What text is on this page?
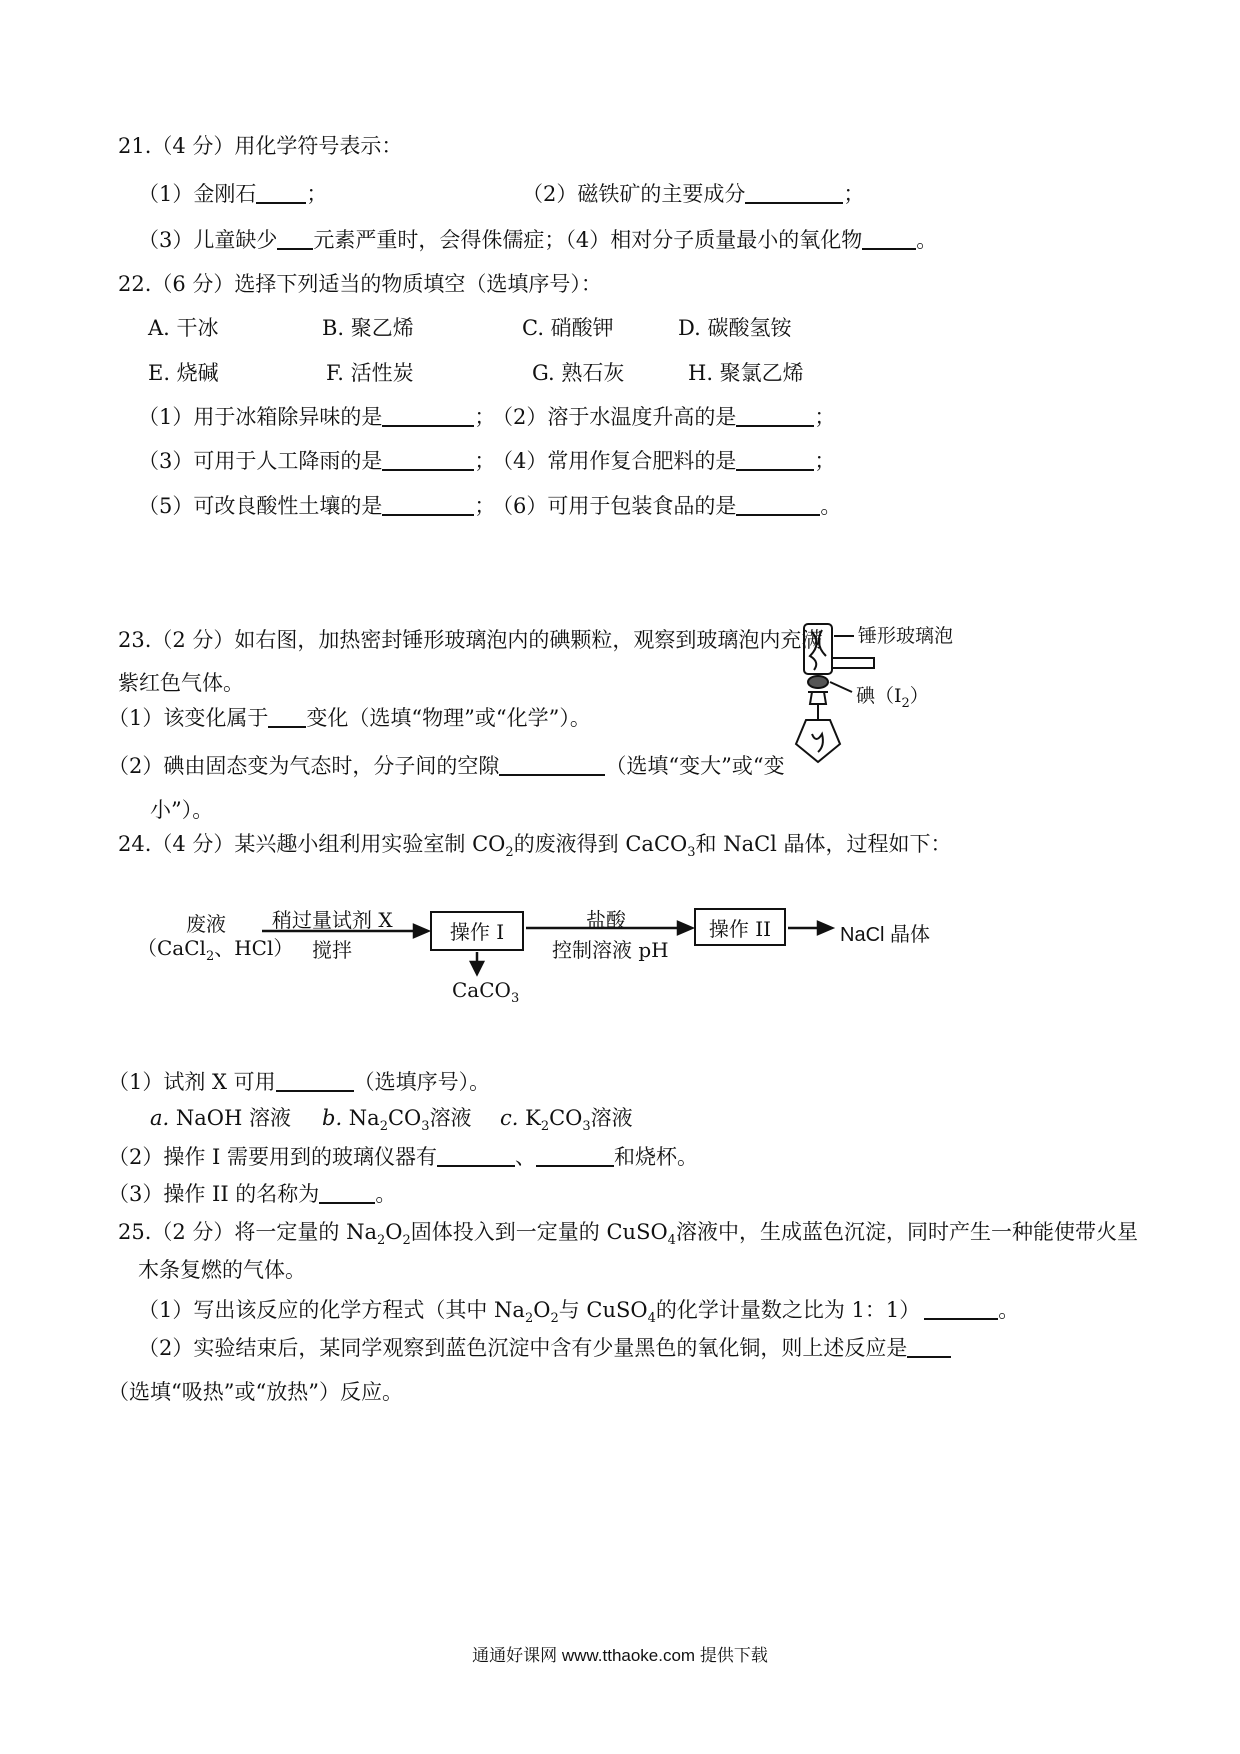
21.（4 分）用化学符号表示：
（1）金刚石 ；	（2）磁铁矿的主要成分	；
（3）儿童缺少 元素严重时，会得侏儒症；（4）相对分子质量最小的氧化物	。
22.（6 分）选择下列适当的物质填空（选填序号）：
A. 干冰	B. 聚乙烯	C. 硝酸钾	D. 碳酸氢铵
E. 烧碱	F. 活性炭	G. 熟石灰	H. 聚氯乙烯
（1）用于冰箱除异味的是	；
（2）溶于水温度升高的是	；
（3）可用于人工降雨的是	；
（4）常用作复合肥料的是	；
（5）可改良酸性土壤的是	；
（6）可用于包装食品的是	。
23.（2 分）如右图，加热密封锤形玻璃泡内的碘颗粒，观察到玻璃泡内充满
紫红色气体。
（1）该变化属于 变化（选填“物理”或“化学”）。
（2）碘由固态变为气态时，分子间的空隙	（选填“变大”或“变
小”）。
锤形玻璃泡
碘$(I_2)$
24.（4 分）某兴趣小组利用实验室制 $CO_2$的废液得到 CaCO$_3$和 NaCl 晶体，过程如下：
废液
（CaCl$_2$、HCl）
稍过量试剂 X
搅拌
操作 I	盐酸
控制溶液 pH
操作 II	NaCl 晶体
CaCO$_3$
（1）试剂 X 可用	（选填序号）。
a. NaOH 溶液 b. $Na_2CO_3$溶液 c. $K_2CO_3$溶液
（2）操作 I 需要用到的玻璃仪器有	、	和烧杯。
（3）操作 II 的名称为	。
25.（2 分）将一定量的 $Na_2O_2$固体投入到一定量的 CuSO$_4$溶液中，生成蓝色沉淀，同时产生一种能使带火星
木条复燃的气体。
（1）写出该反应的化学方程式（其中 $Na_2O_2$与 CuSO$_4$的化学计量数之比为 1：1）	。
（2）实验结束后，某同学观察到蓝色沉淀中含有少量黑色的氧化铜，则上述反应是
（选填“吸热”或“放热”）反应。
通通好课网 www.tthaoke.com 提供下载
